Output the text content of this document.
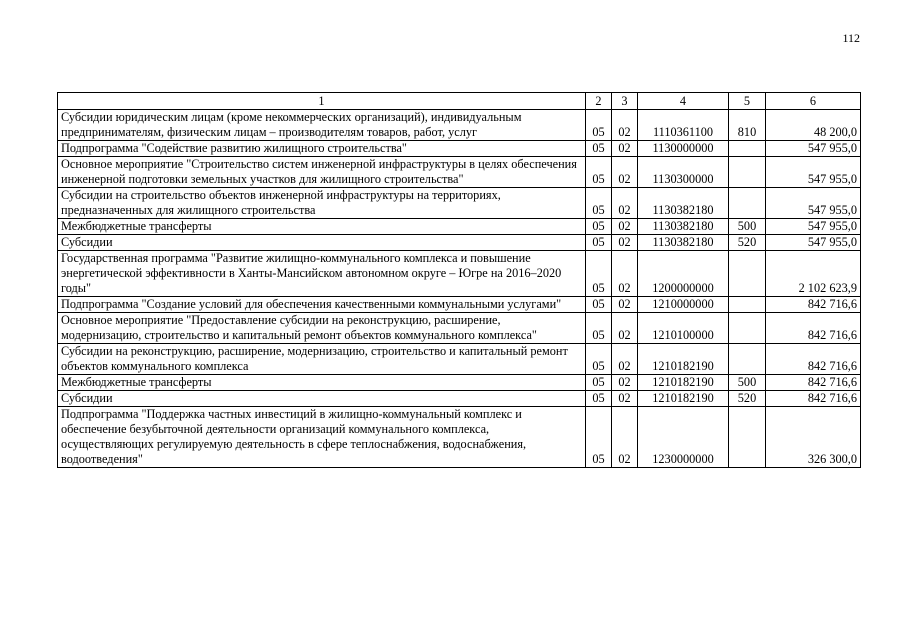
112
1	2	3	4	5	6
Субсидии юридическим лицам (кроме некоммерческих организаций), индивидуальным предпринимателям, физическим лицам – производителям товаров, работ, услуг	05	02	1110361100	810	48 200,0
Подпрограмма "Содействие развитию жилищного строительства"	05	02	1130000000		547 955,0
Основное мероприятие "Строительство систем инженерной инфраструктуры в целях обеспечения инженерной подготовки земельных участков для жилищного строительства"	05	02	1130300000		547 955,0
Субсидии на строительство объектов инженерной инфраструктуры на территориях, предназначенных для жилищного строительства	05	02	1130382180		547 955,0
Межбюджетные трансферты	05	02	1130382180	500	547 955,0
Субсидии	05	02	1130382180	520	547 955,0
Государственная программа "Развитие жилищно-коммунального комплекса и повышение энергетической эффективности в Ханты-Мансийском автономном округе – Югре на 2016–2020 годы"	05	02	1200000000		2 102 623,9
Подпрограмма "Создание условий для обеспечения качественными коммунальными услугами"	05	02	1210000000		842 716,6
Основное мероприятие "Предоставление субсидии на реконструкцию, расширение, модернизацию, строительство и капитальный ремонт объектов коммунального комплекса"	05	02	1210100000		842 716,6
Субсидии на реконструкцию, расширение, модернизацию, строительство и капитальный ремонт объектов коммунального комплекса	05	02	1210182190		842 716,6
Межбюджетные трансферты	05	02	1210182190	500	842 716,6
Субсидии	05	02	1210182190	520	842 716,6
Подпрограмма "Поддержка частных инвестиций в жилищно-коммунальный комплекс и обеспечение безубыточной деятельности организаций коммунального комплекса, осуществляющих регулируемую деятельность в сфере теплоснабжения, водоснабжения, водоотведения"	05	02	1230000000		326 300,0
